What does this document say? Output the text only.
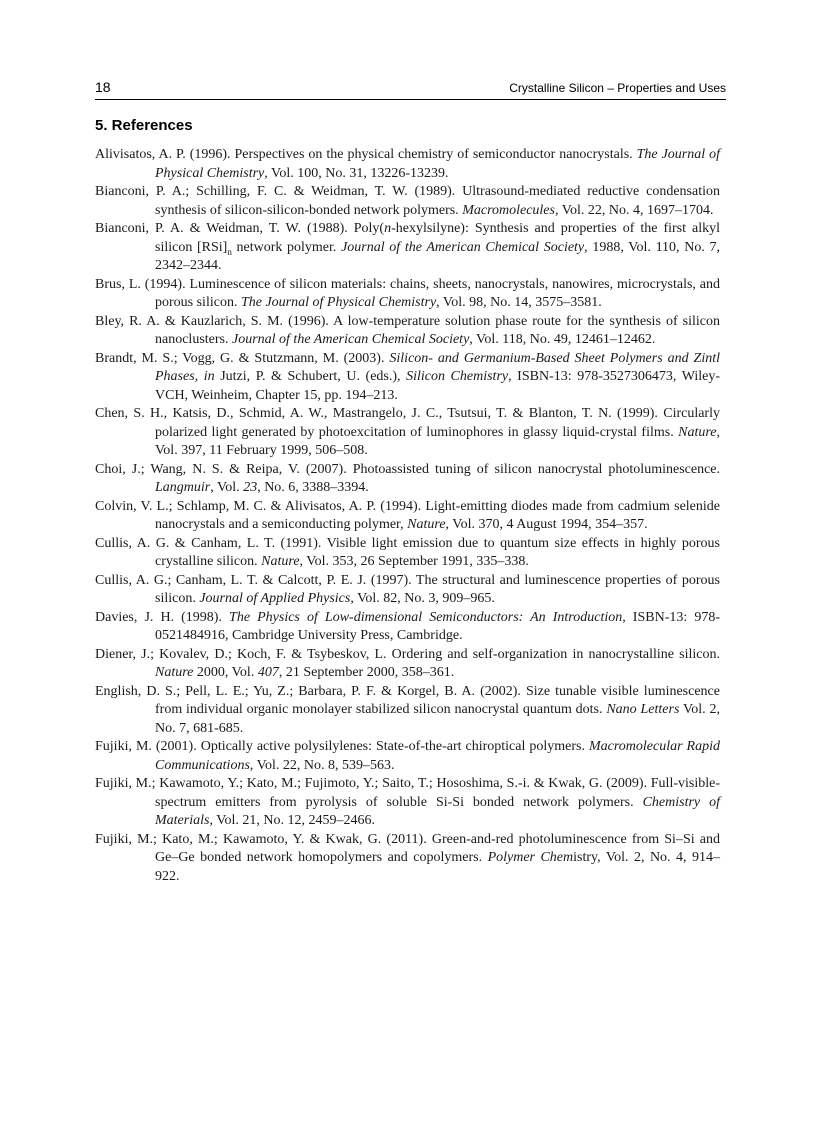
18	Crystalline Silicon – Properties and Uses
5. References
Alivisatos, A. P. (1996). Perspectives on the physical chemistry of semiconductor nanocrystals. The Journal of Physical Chemistry, Vol. 100, No. 31, 13226-13239.
Bianconi, P. A.; Schilling, F. C. & Weidman, T. W. (1989). Ultrasound-mediated reductive condensation synthesis of silicon-silicon-bonded network polymers. Macromolecules, Vol. 22, No. 4, 1697–1704.
Bianconi, P. A. & Weidman, T. W. (1988). Poly(n-hexylsilyne): Synthesis and properties of the first alkyl silicon $[RSi]_n$ network polymer. Journal of the American Chemical Society, 1988, Vol. 110, No. 7, 2342–2344.
Brus, L. (1994). Luminescence of silicon materials: chains, sheets, nanocrystals, nanowires, microcrystals, and porous silicon. The Journal of Physical Chemistry, Vol. 98, No. 14, 3575–3581.
Bley, R. A. & Kauzlarich, S. M. (1996). A low-temperature solution phase route for the synthesis of silicon nanoclusters. Journal of the American Chemical Society, Vol. 118, No. 49, 12461–12462.
Brandt, M. S.; Vogg, G. & Stutzmann, M. (2003). Silicon- and Germanium-Based Sheet Polymers and Zintl Phases, in Jutzi, P. & Schubert, U. (eds.), Silicon Chemistry, ISBN-13: 978-3527306473, Wiley-VCH, Weinheim, Chapter 15, pp. 194–213.
Chen, S. H., Katsis, D., Schmid, A. W., Mastrangelo, J. C., Tsutsui, T. & Blanton, T. N. (1999). Circularly polarized light generated by photoexcitation of luminophores in glassy liquid-crystal films. Nature, Vol. 397, 11 February 1999, 506–508.
Choi, J.; Wang, N. S. & Reipa, V. (2007). Photoassisted tuning of silicon nanocrystal photoluminescence. Langmuir, Vol. 23, No. 6, 3388–3394.
Colvin, V. L.; Schlamp, M. C. & Alivisatos, A. P. (1994). Light-emitting diodes made from cadmium selenide nanocrystals and a semiconducting polymer, Nature, Vol. 370, 4 August 1994, 354–357.
Cullis, A. G. & Canham, L. T. (1991). Visible light emission due to quantum size effects in highly porous crystalline silicon. Nature, Vol. 353, 26 September 1991, 335–338.
Cullis, A. G.; Canham, L. T. & Calcott, P. E. J. (1997). The structural and luminescence properties of porous silicon. Journal of Applied Physics, Vol. 82, No. 3, 909–965.
Davies, J. H. (1998). The Physics of Low-dimensional Semiconductors: An Introduction, ISBN-13: 978-0521484916, Cambridge University Press, Cambridge.
Diener, J.; Kovalev, D.; Koch, F. & Tsybeskov, L. Ordering and self-organization in nanocrystalline silicon. Nature 2000, Vol. 407, 21 September 2000, 358–361.
English, D. S.; Pell, L. E.; Yu, Z.; Barbara, P. F. & Korgel, B. A. (2002). Size tunable visible luminescence from individual organic monolayer stabilized silicon nanocrystal quantum dots. Nano Letters Vol. 2, No. 7, 681-685.
Fujiki, M. (2001). Optically active polysilylenes: State-of-the-art chiroptical polymers. Macromolecular Rapid Communications, Vol. 22, No. 8, 539–563.
Fujiki, M.; Kawamoto, Y.; Kato, M.; Fujimoto, Y.; Saito, T.; Hososhima, S.-i. & Kwak, G. (2009). Full-visible-spectrum emitters from pyrolysis of soluble Si-Si bonded network polymers. Chemistry of Materials, Vol. 21, No. 12, 2459–2466.
Fujiki, M.; Kato, M.; Kawamoto, Y. & Kwak, G. (2011). Green-and-red photoluminescence from Si–Si and Ge–Ge bonded network homopolymers and copolymers. Polymer Chemistry, Vol. 2, No. 4, 914–922.
